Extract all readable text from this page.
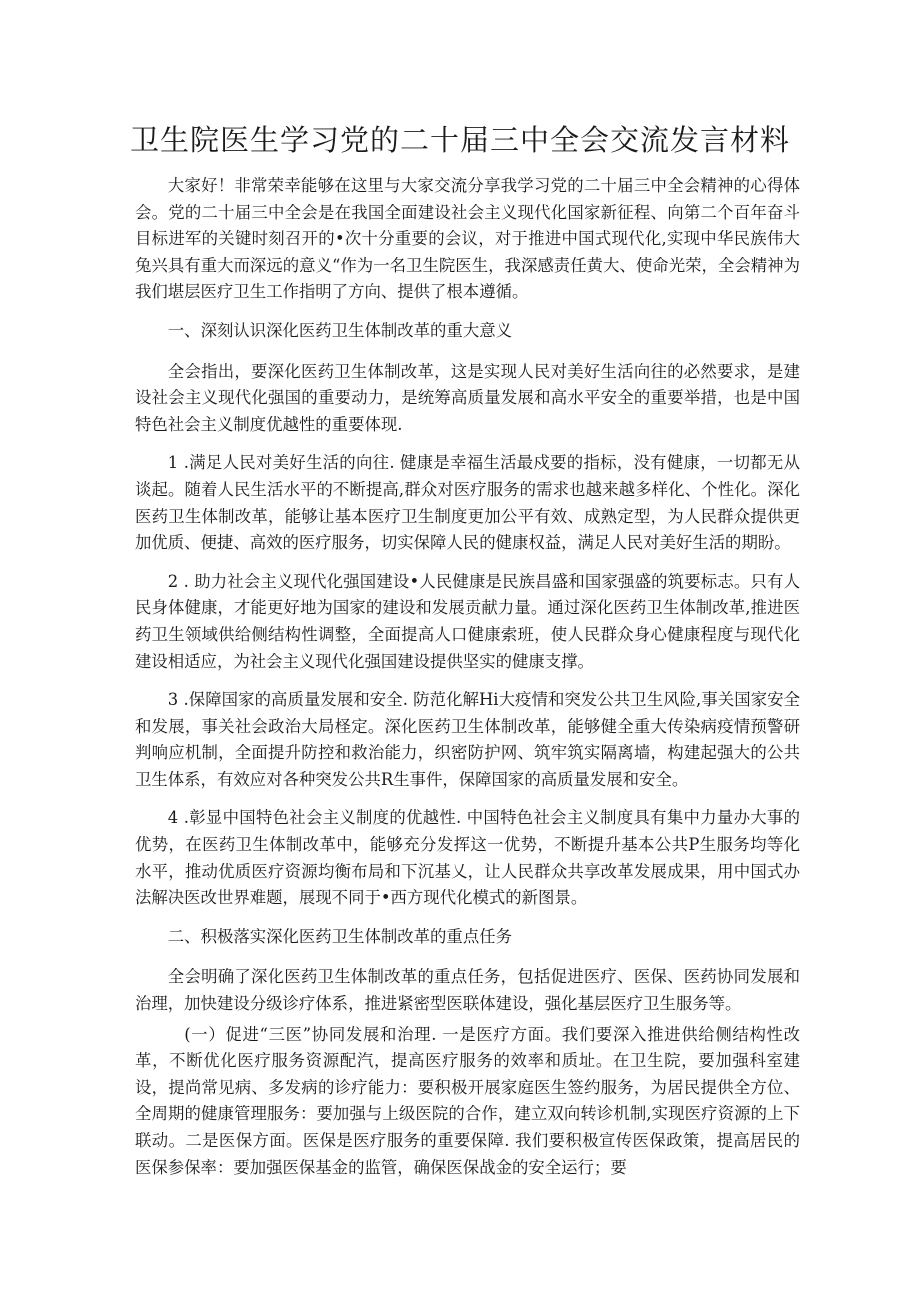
卫生院医生学习党的二十届三中全会交流发言材料

大家好！非常荣幸能够在这里与大家交流分享我学习党的二十届三中全会精神的心得体会。党的二十届三中全会是在我国全面建设社会主义现代化国家新征程、向第二个百年奋斗目标进军的关键时刻召开的•次十分重要的会议，对于推进中国式现代化,实现中华民族伟大兔兴具有重大而深远的意义“作为一名卫生院医生，我深感责任黄大、使命光荣，全会精神为我们堪层医疗卫生工作指明了方向、提供了根本遵循。

一、深刻认识深化医药卫生体制改革的重大意义

全会指出，要深化医药卫生体制改革，这是实现人民对美好生活向往的必然要求，是建设社会主义现代化强国的重要动力，是统筹高质量发展和高水平安全的重要举措，也是中国特色社会主义制度优越性的重要体现.

1 .满足人民对美好生活的向往. 健康是幸福生活最戍要的指标，没有健康，一切都无从谈起。随着人民生活水平的不断提高,群众对医疗服务的需求也越来越多样化、个性化。深化医药卫生体制改革，能够让基本医疗卫生制度更加公平有效、成熟定型，为人民群众提供更加优质、便捷、高效的医疗服务，切实保障人民的健康权益，满足人民对美好生活的期盼。

2 . 助力社会主义现代化强国建设•人民健康是民族昌盛和国家强盛的筑要标志。只有人民身体健康，才能更好地为国家的建设和发展贡献力量。通过深化医药卫生体制改革,推进医药卫生领域供给侧结构性调整，全面提高人口健康索班，使人民群众身心健康程度与现代化建设相适应，为社会主义现代化强国建设提供坚实的健康支撑。

3 .保障国家的高质量发展和安全. 防范化解Hi大疫情和突发公共卫生风险,事关国家安全和发展，事关社会政治大局柽定。深化医药卫生体制改革，能够健全重大传染病疫情预警研判响应机制，全面提升防控和救治能力，织密防护网、筑牢筑实隔离墙，构建起强大的公共卫生体系，有效应对各种突发公共R生事件，保障国家的高质量发展和安全。

4 .彰显中国特色社会主义制度的优越性. 中国特色社会主义制度具有集中力量办大事的优势，在医药卫生体制改革中，能够充分发挥这一优势，不断提升基本公共P生服务均等化水平，推动优质医疗资源均衡布局和下沉基乂，让人民群众共享改革发展成果，用中国式办法解决医改世界难题，展现不同于•西方现代化模式的新图景。

二、积极落实深化医药卫生体制改革的重点任务

全会明确了深化医药卫生体制改革的重点任务，包括促进医疗、医保、医药协同发展和治理，加快建设分级诊疗体系，推进紧密型医联体建设，强化基层医疗卫生服务等。

(一）促进“三医”协同发展和治理. 一是医疗方面。我们要深入推进供给侧结构性改革，不断优化医疗服务资源配汽，提高医疗服务的效率和质址。在卫生院，要加强科室建设，提尚常见病、多发病的诊疗能力：要积极开展家庭医生签约服务，为居民提供全方位、全周期的健康管理服务：要加强与上级医院的合作，建立双向转诊机制,实现医疗资源的上下联动。二是医保方面。医保是医疗服务的重要保障. 我们要积极宣传医保政策，提高居民的医保参保率：要加强医保基金的监管，确保医保战金的安全运行；要
